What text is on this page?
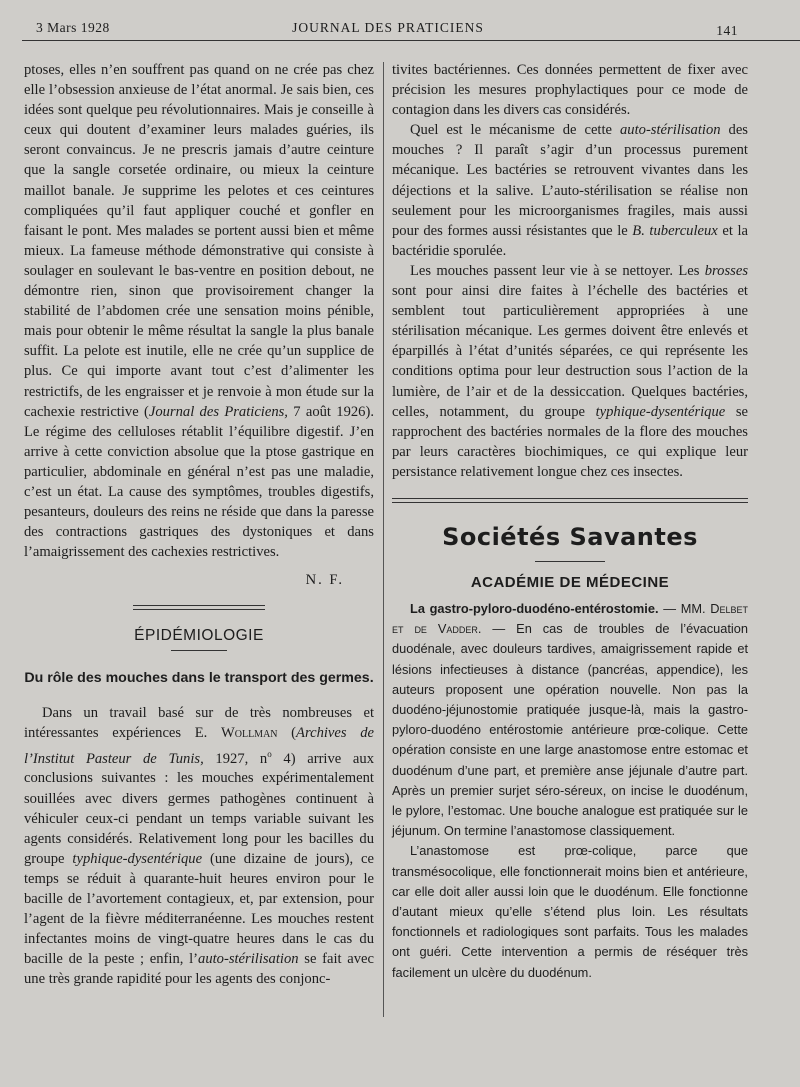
3 Mars 1928	JOURNAL DES PRATICIENS	141

ptoses, elles n’en souffrent pas quand on ne crée pas chez elle l’obsession anxieuse de l’état anormal. Je sais bien, ces idées sont quelque peu révolutionnaires. Mais je conseille à ceux qui doutent d’examiner leurs malades guéries, ils seront convaincus. Je ne prescris jamais d’autre ceinture que la sangle corsetée ordinaire, ou mieux la ceinture maillot banale. Je supprime les pelotes et ces ceintures compliquées qu’il faut appliquer couché et gonfler en faisant le pont. Mes malades se portent aussi bien et même mieux. La fameuse méthode démonstrative qui consiste à soulager en soulevant le bas-ventre en position debout, ne démontre rien, sinon que provisoirement changer la stabilité de l’abdomen crée une sensation moins pénible, mais pour obtenir le même résultat la sangle la plus banale suffit. La pelote est inutile, elle ne crée qu’un supplice de plus. Ce qui importe avant tout c’est d’alimenter les restrictifs, de les engraisser et je renvoie à mon étude sur la cachexie restrictive (Journal des Praticiens, 7 août 1926). Le régime des celluloses rétablit l’équilibre digestif. J’en arrive à cette conviction absolue que la ptose gastrique en particulier, abdominale en général n’est pas une maladie, c’est un état. La cause des symptômes, troubles digestifs, pesanteurs, douleurs des reins ne réside que dans la paresse des contractions gastriques des dystoniques et dans l’amaigrissement des cachexies restrictives.

N. F.
ÉPIDÉMIOLOGIE
Du rôle des mouches dans le transport des germes.

Dans un travail basé sur de très nombreuses et intéressantes expériences E. Wollman (Archives de l’Institut Pasteur de Tunis, 1927, $n^o$ 4) arrive aux conclusions suivantes : les mouches expérimentalement souillées avec divers germes pathogènes continuent à véhiculer ceux-ci pendant un temps variable suivant les agents considérés. Relativement long pour les bacilles du groupe typhique-dysentérique (une dizaine de jours), ce temps se réduit à quarante-huit heures environ pour le bacille de l’avortement contagieux, et, par extension, pour l’agent de la fièvre méditerranéenne. Les mouches restent infectantes moins de vingt-quatre heures dans le cas du bacille de la peste ; enfin, l’auto-stérilisation se fait avec une très grande rapidité pour les agents des conjonc-

tivites bactériennes. Ces données permettent de fixer avec précision les mesures prophylactiques pour ce mode de contagion dans les divers cas considérés.

Quel est le mécanisme de cette auto-stérilisation des mouches ? Il paraît s’agir d’un processus purement mécanique. Les bactéries se retrouvent vivantes dans les déjections et la salive. L’auto-stérilisation se réalise non seulement pour les microorganismes fragiles, mais aussi pour des formes aussi résistantes que le B. tuberculeux et la bactéridie sporulée.

Les mouches passent leur vie à se nettoyer. Les brosses sont pour ainsi dire faites à l’échelle des bactéries et semblent tout particulièrement appropriées à une stérilisation mécanique. Les germes doivent être enlevés et éparpillés à l’état d’unités séparées, ce qui représente les conditions optima pour leur destruction sous l’action de la lumière, de l’air et de la dessiccation. Quelques bactéries, celles, notamment, du groupe typhique-dysentérique se rapprochent des bactéries normales de la flore des mouches par leurs caractères biochimiques, ce qui explique leur persistance relativement longue chez ces insectes.

Sociétés Savantes
ACADÉMIE DE MÉDECINE

La gastro-pyloro-duodéno-entérostomie. — MM. Delbet et de Vadder. — En cas de troubles de l’évacuation duodénale, avec douleurs tardives, amaigrissement rapide et lésions infectieuses à distance (pancréas, appendice), les auteurs proposent une opération nouvelle. Non pas la duodéno-jéjunostomie pratiquée jusque-là, mais la gastro-pyloro-duodéno entérostomie antérieure prœ-colique. Cette opération consiste en une large anastomose entre estomac et duodénum d’une part, et première anse jéjunale d’autre part. Après un premier surjet séro-séreux, on incise le duodénum, le pylore, l’estomac. Une bouche analogue est pratiquée sur le jéjunum. On termine l’anastomose classiquement.

L’anastomose est prœ-colique, parce que transmésocolique, elle fonctionnerait moins bien et antérieure, car elle doit aller aussi loin que le duodénum. Elle fonctionne d’autant mieux qu’elle s’étend plus loin. Les résultats fonctionnels et radiologiques sont parfaits. Tous les malades ont guéri. Cette intervention a permis de réséquer très facilement un ulcère du duodénum.
